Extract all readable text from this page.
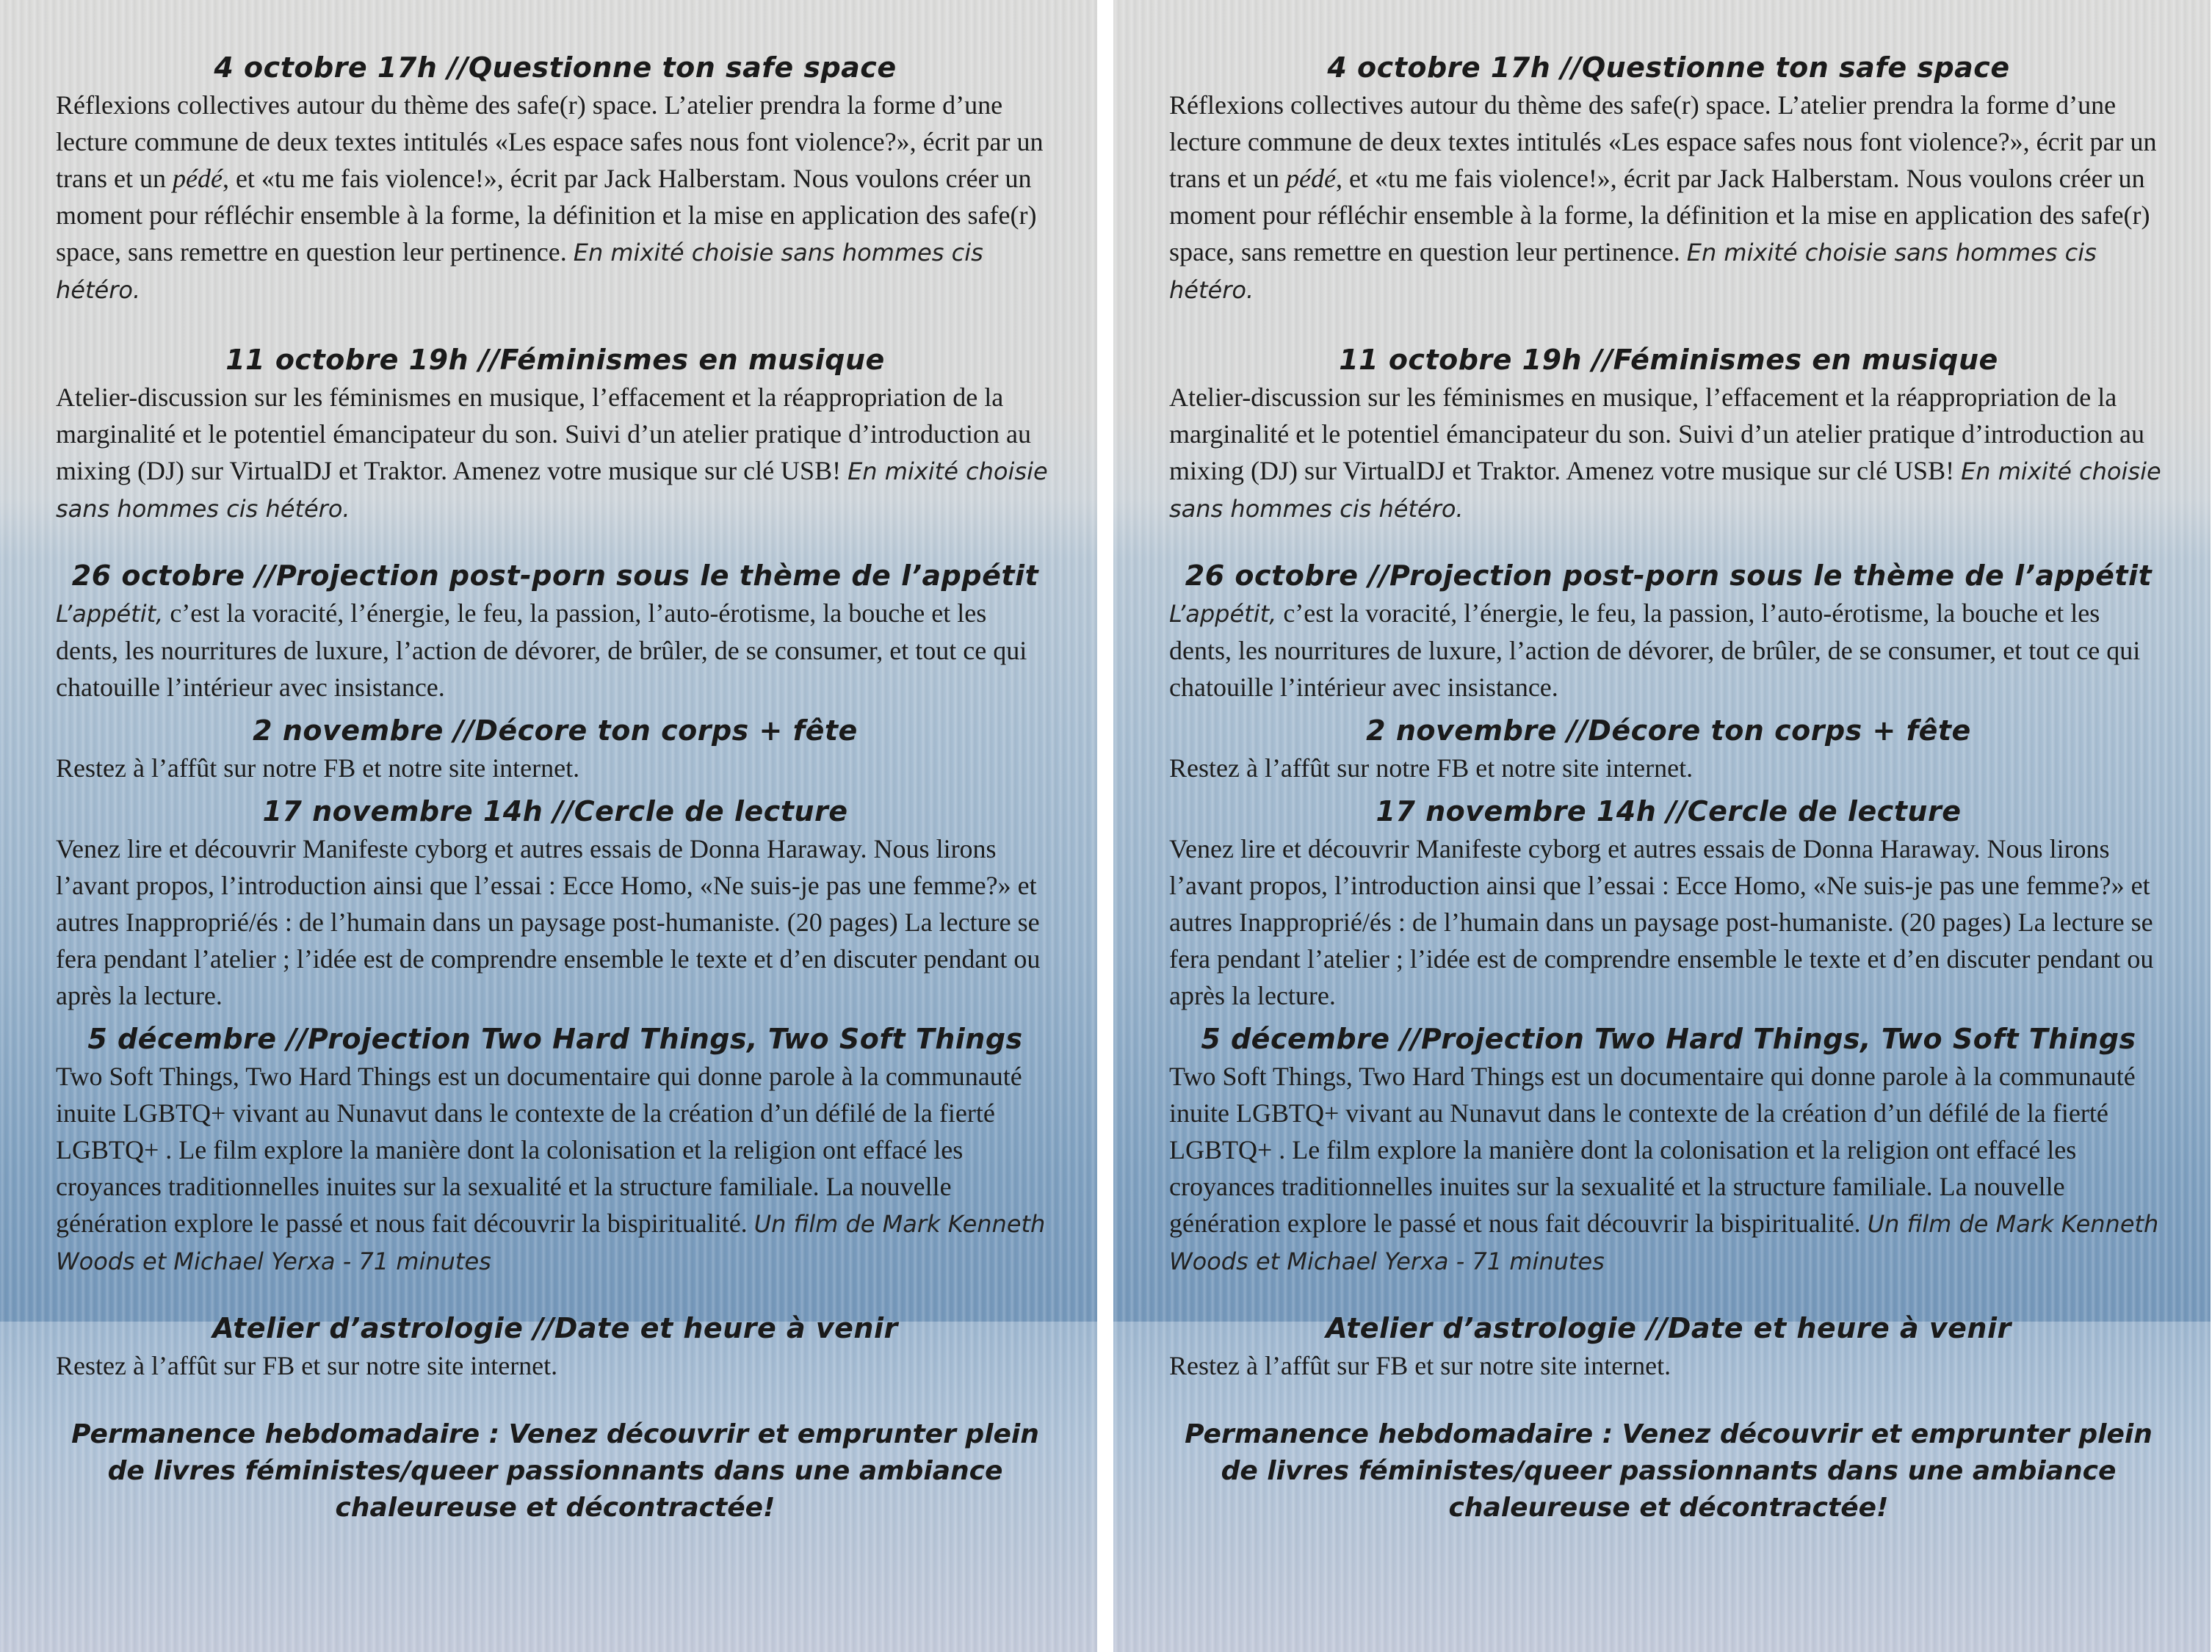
4 octobre 17h //Questionne ton safe space
Réflexions collectives autour du thème des safe(r) space. L’atelier prendra la forme d’une lecture commune de deux textes intitulés «Les espace safes nous font violence?», écrit par un trans et un pédé, et «tu me fais violence!», écrit par Jack Halberstam. Nous voulons créer un moment pour réfléchir ensemble à la forme, la définition et la mise en application des safe(r) space, sans remettre en question leur pertinence. En mixité choisie sans hommes cis hétéro.
11 octobre 19h //Féminismes en musique
Atelier-discussion sur les féminismes en musique, l’effacement et la réappropriation de la marginalité et le potentiel émancipateur du son. Suivi d’un atelier pratique d’introduction au mixing (DJ) sur VirtualDJ et Traktor. Amenez votre musique sur clé USB! En mixité choisie sans hommes cis hétéro.
26 octobre //Projection post-porn sous le thème de l’appétit
L’appétit, c’est la voracité, l’énergie, le feu, la passion, l’auto-érotisme, la bouche et les dents, les nourritures de luxure, l’action de dévorer, de brûler, de se consumer, et tout ce qui chatouille l’intérieur avec insistance.
2 novembre //Décore ton corps + fête
Restez à l’affût sur notre FB et notre site internet.
17 novembre 14h //Cercle de lecture
Venez lire et découvrir Manifeste cyborg et autres essais de Donna Haraway. Nous lirons l’avant propos, l’introduction ainsi que l’essai : Ecce Homo, «Ne suis-je pas une femme?» et autres Inapproprié/és : de l’humain dans un paysage post-humaniste. (20 pages) La lecture se fera pendant l’atelier ; l’idée est de comprendre ensemble le texte et d’en discuter pendant ou après la lecture.
5 décembre //Projection Two Hard Things, Two Soft Things
Two Soft Things, Two Hard Things est un documentaire qui donne parole à la communauté inuite LGBTQ+ vivant au Nunavut dans le contexte de la création d’un défilé de la fierté LGBTQ+ . Le film explore la manière dont la colonisation et la religion ont effacé les croyances traditionnelles inuites sur la sexualité et la structure familiale. La nouvelle génération explore le passé et nous fait découvrir la bispiritualité. Un film de Mark Kenneth Woods et Michael Yerxa - 71 minutes
Atelier d’astrologie //Date et heure à venir
Restez à l’affût sur FB et sur notre site internet.
Permanence hebdomadaire : Venez découvrir et emprunter plein de livres féministes/queer passionnants dans une ambiance chaleureuse et décontractée!
4 octobre 17h //Questionne ton safe space
Réflexions collectives autour du thème des safe(r) space. L’atelier prendra la forme d’une lecture commune de deux textes intitulés «Les espace safes nous font violence?», écrit par un trans et un pédé, et «tu me fais violence!», écrit par Jack Halberstam. Nous voulons créer un moment pour réfléchir ensemble à la forme, la définition et la mise en application des safe(r) space, sans remettre en question leur pertinence. En mixité choisie sans hommes cis hétéro.
11 octobre 19h //Féminismes en musique
Atelier-discussion sur les féminismes en musique, l’effacement et la réappropriation de la marginalité et le potentiel émancipateur du son. Suivi d’un atelier pratique d’introduction au mixing (DJ) sur VirtualDJ et Traktor. Amenez votre musique sur clé USB! En mixité choisie sans hommes cis hétéro.
26 octobre //Projection post-porn sous le thème de l’appétit
L’appétit, c’est la voracité, l’énergie, le feu, la passion, l’auto-érotisme, la bouche et les dents, les nourritures de luxure, l’action de dévorer, de brûler, de se consumer, et tout ce qui chatouille l’intérieur avec insistance.
2 novembre //Décore ton corps + fête
Restez à l’affût sur notre FB et notre site internet.
17 novembre 14h //Cercle de lecture
Venez lire et découvrir Manifeste cyborg et autres essais de Donna Haraway. Nous lirons l’avant propos, l’introduction ainsi que l’essai : Ecce Homo, «Ne suis-je pas une femme?» et autres Inapproprié/és : de l’humain dans un paysage post-humaniste. (20 pages) La lecture se fera pendant l’atelier ; l’idée est de comprendre ensemble le texte et d’en discuter pendant ou après la lecture.
5 décembre //Projection Two Hard Things, Two Soft Things
Two Soft Things, Two Hard Things est un documentaire qui donne parole à la communauté inuite LGBTQ+ vivant au Nunavut dans le contexte de la création d’un défilé de la fierté LGBTQ+ . Le film explore la manière dont la colonisation et la religion ont effacé les croyances traditionnelles inuites sur la sexualité et la structure familiale. La nouvelle génération explore le passé et nous fait découvrir la bispiritualité. Un film de Mark Kenneth Woods et Michael Yerxa - 71 minutes
Atelier d’astrologie //Date et heure à venir
Restez à l’affût sur FB et sur notre site internet.
Permanence hebdomadaire : Venez découvrir et emprunter plein de livres féministes/queer passionnants dans une ambiance chaleureuse et décontractée!
